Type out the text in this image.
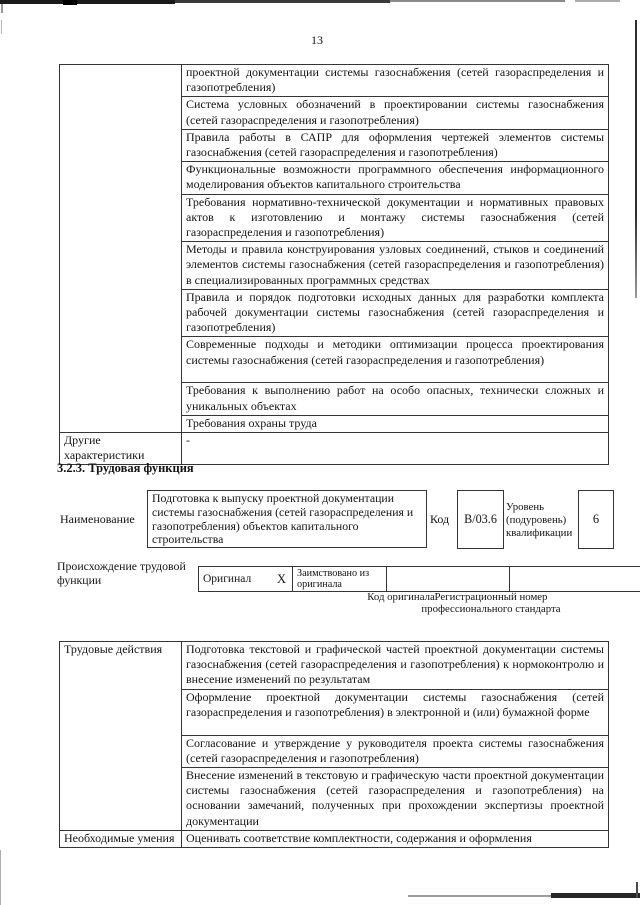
13
	проектной документации системы газоснабжения (сетей газораспределения и газопотребления)
	Система условных обозначений в проектировании системы газоснабжения (сетей газораспределения и газопотребления)
	Правила работы в САПР для оформления чертежей элементов системы газоснабжения (сетей газораспределения и газопотребления)
	Функциональные возможности программного обеспечения информационного моделирования объектов капитального строительства
	Требования нормативно-технической документации и нормативных правовых актов к изготовлению и монтажу системы газоснабжения (сетей газораспределения и газопотребления)
	Методы и правила конструирования узловых соединений, стыков и соединений элементов системы газоснабжения (сетей газораспределения и газопотребления) в специализированных программных средствах
	Правила и порядок подготовки исходных данных для разработки комплекта рабочей документации системы газоснабжения (сетей газораспределения и газопотребления)
	Современные подходы и методики оптимизации процесса проектирования системы газоснабжения (сетей газораспределения и газопотребления)
	Требования к выполнению работ на особо опасных, технически сложных и уникальных объектах
	Требования охраны труда
Другие характеристики	-
3.2.3. Трудовая функция
Наименование
Подготовка к выпуску проектной документации системы газоснабжения (сетей газораспределения и газопотребления) объектов капитального строительства
Код	В/03.6
Уровень (подуровень) квалификации
6
Происхождение трудовой функции	Оригинал X	Заимствовано из оригинала		
Код оригинала Регистрационный номер профессионального стандарта
Трудовые действия	Подготовка текстовой и графической частей проектной документации системы газоснабжения (сетей газораспределения и газопотребления) к нормоконтролю и внесение изменений по результатам
	Оформление проектной документации системы газоснабжения (сетей газораспределения и газопотребления) в электронной и (или) бумажной форме
	Согласование и утверждение у руководителя проекта системы газоснабжения (сетей газораспределения и газопотребления)
	Внесение изменений в текстовую и графическую части проектной документации системы газоснабжения (сетей газораспределения и газопотребления) на основании замечаний, полученных при прохождении экспертизы проектной документации
Необходимые умения	Оценивать соответствие комплектности, содержания и оформления
